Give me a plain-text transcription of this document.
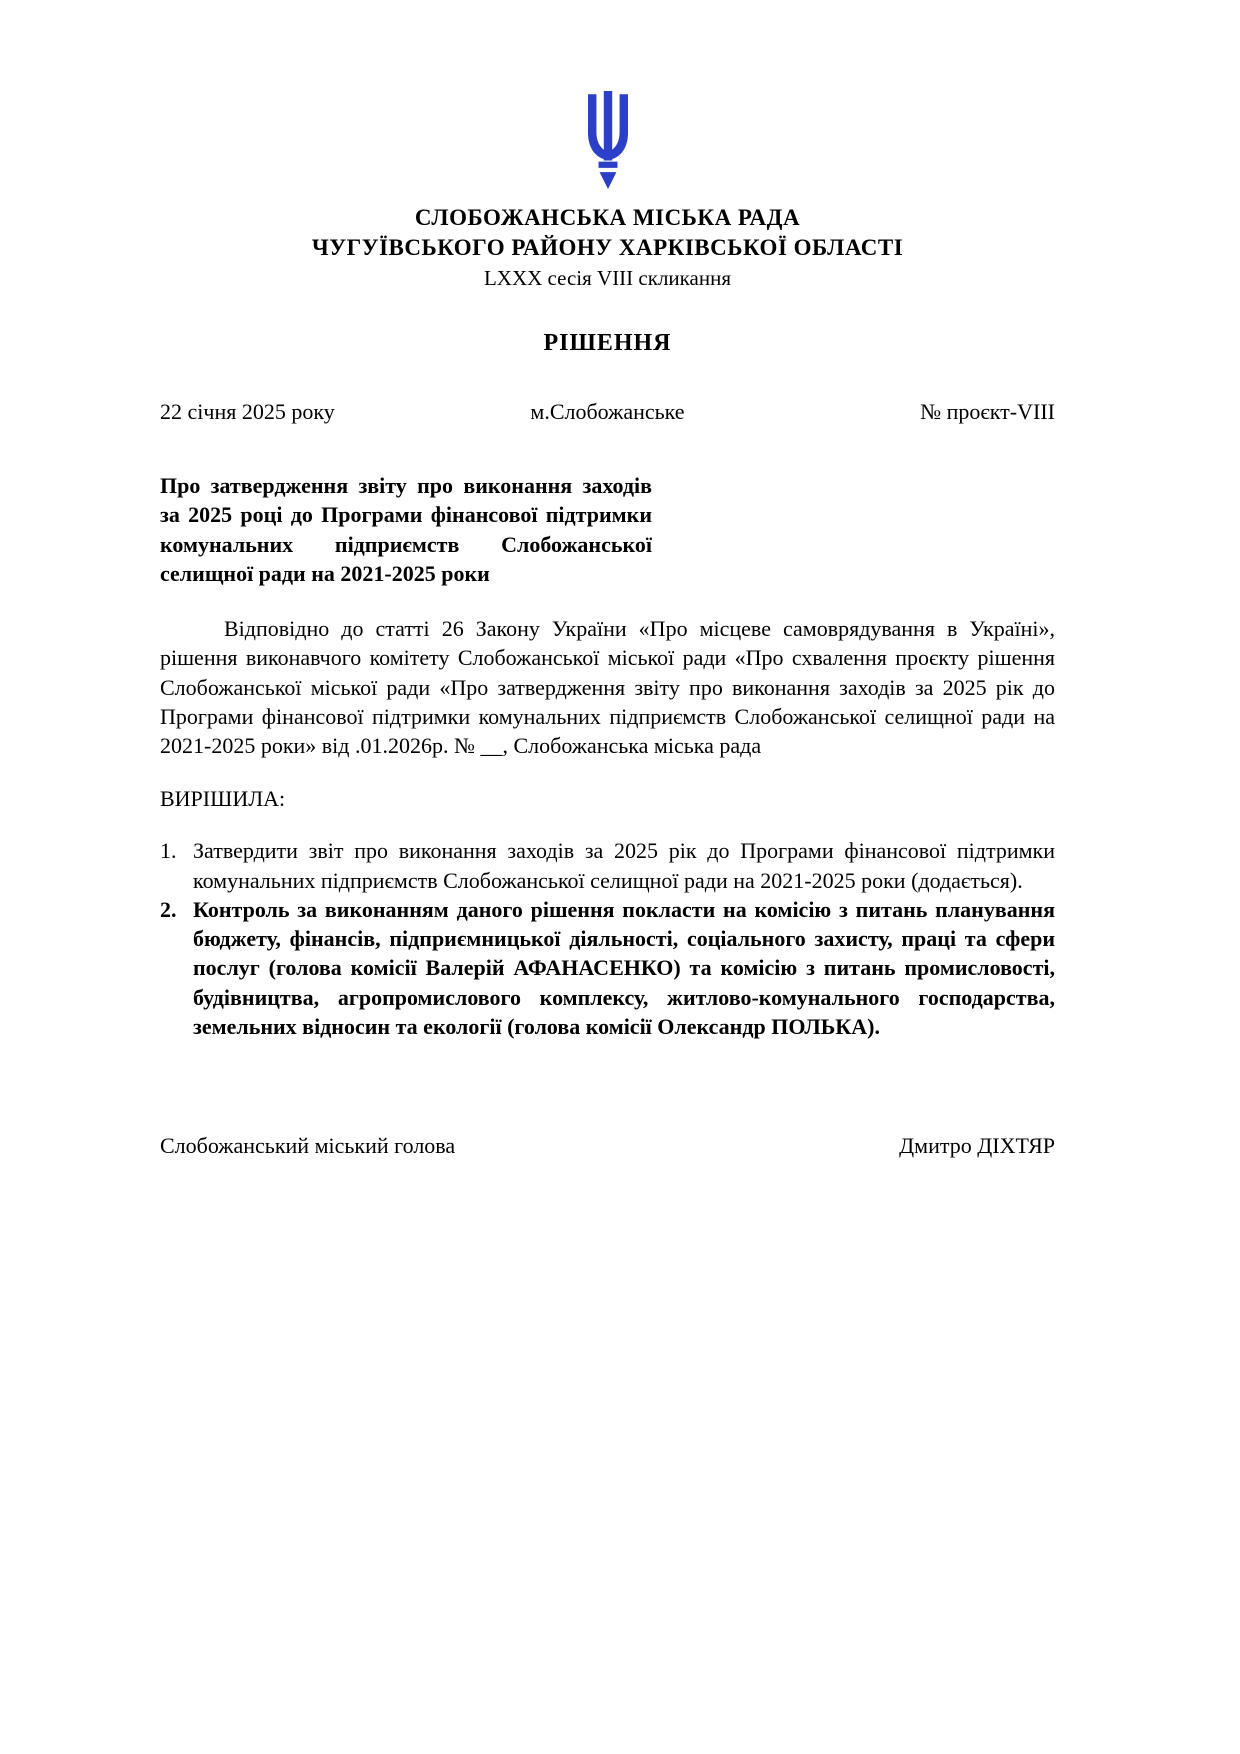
СЛОБОЖАНСЬКА МІСЬКА РАДА
ЧУГУЇВСЬКОГО РАЙОНУ ХАРКІВСЬКОЇ ОБЛАСТІ
LXXX сесія VIII скликання
РІШЕННЯ
22 січня 2025 року	м.Слобожанське	№ проєкт-VIII
Про затвердження звіту про виконання заходів за 2025 році до Програми фінансової підтримки комунальних підприємств Слобожанської селищної ради на 2021-2025 роки
Відповідно до статті 26 Закону України «Про місцеве самоврядування в Україні», рішення виконавчого комітету Слобожанської міської ради «Про схвалення проєкту рішення Слобожанської міської ради «Про затвердження звіту про виконання заходів за 2025 рік до Програми фінансової підтримки комунальних підприємств Слобожанської селищної ради на 2021-2025 роки» від .01.2026р. № __, Слобожанська міська рада
ВИРІШИЛА:
1. Затвердити звіт про виконання заходів за 2025 рік до Програми фінансової підтримки комунальних підприємств Слобожанської селищної ради на 2021-2025 роки (додається).
2. Контроль за виконанням даного рішення покласти на комісію з питань планування бюджету, фінансів, підприємницької діяльності, соціального захисту, праці та сфери послуг (голова комісії Валерій АФАНАСЕНКО) та комісію з питань промисловості, будівництва, агропромислового комплексу, житлово-комунального господарства, земельних відносин та екології (голова комісії Олександр ПОЛЬКА).
Слобожанський міський голова	Дмитро ДІХТЯР
